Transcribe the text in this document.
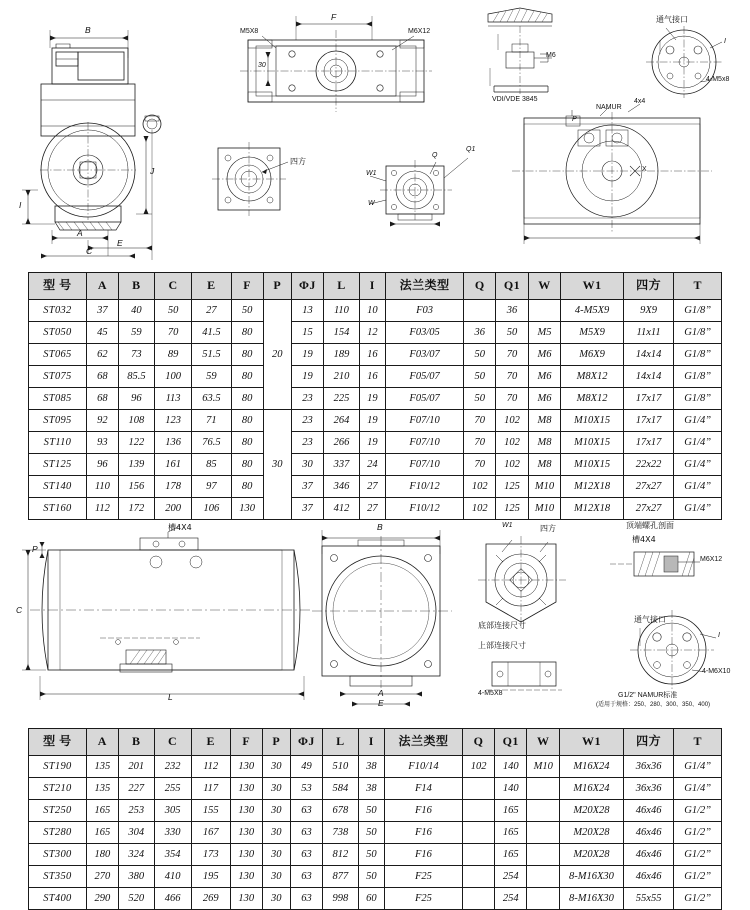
M5X8	M6X12
F
30
B
J
I
A
E
C
四方
W1
W
Q
Q1
VDI/VDE 3845
M6
NAMUR
4x4
通气接口
I
4-M5x8
X
P
型 号	A	B	C	E	F	P	ΦJ	L	I	法兰类型	Q	Q1	W	W1	四方	T
ST032	37	40	50	27	50	20	13	110	10	F03		36		4-M5X9	9X9	G1/8”
ST050	45	59	70	41.5	80		15	154	12	F03/05	36	50	M5	M5X9	11x11	G1/8”
ST065	62	73	89	51.5	80		19	189	16	F03/07	50	70	M6	M6X9	14x14	G1/8”
ST075	68	85.5	100	59	80		19	210	16	F05/07	50	70	M6	M8X12	14x14	G1/8”
ST085	68	96	113	63.5	80		23	225	19	F05/07	50	70	M6	M8X12	17x17	G1/8”
ST095	92	108	123	71	80	30	23	264	19	F07/10	70	102	M8	M10X15	17x17	G1/4”
ST110	93	122	136	76.5	80		23	266	19	F07/10	70	102	M8	M10X15	17x17	G1/4”
ST125	96	139	161	85	80		30	337	24	F07/10	70	102	M8	M10X15	22x22	G1/4”
ST140	110	156	178	97	80		37	346	27	F10/12	102	125	M10	M12X18	27x27	G1/4”
ST160	112	172	200	106	130		37	412	27	F10/12	102	125	M10	M12X18	27x27	G1/4”
槽4X4
P
C
L
B
A
E
W1	四方
底部连接尺寸
上部连接尺寸
4-M5X8
顶端螺孔剖面
槽4X4
M6X12
通气接口
I
4-M6X10
G1/2" NAMUR标准
(适用于规格：250、280、300、350、400)
型 号	A	B	C	E	F	P	ΦJ	L	I	法兰类型	Q	Q1	W	W1	四方	T
ST190	135	201	232	112	130	30	49	510	38	F10/14	102	140	M10	M16X24	36x36	G1/4”
ST210	135	227	255	117	130	30	53	584	38	F14		140		M16X24	36x36	G1/4”
ST250	165	253	305	155	130	30	63	678	50	F16		165		M20X28	46x46	G1/2”
ST280	165	304	330	167	130	30	63	738	50	F16		165		M20X28	46x46	G1/2”
ST300	180	324	354	173	130	30	63	812	50	F16		165		M20X28	46x46	G1/2”
ST350	270	380	410	195	130	30	63	877	50	F25		254		8-M16X30	46x46	G1/2”
ST400	290	520	466	269	130	30	63	998	60	F25		254		8-M16X30	55x55	G1/2”
